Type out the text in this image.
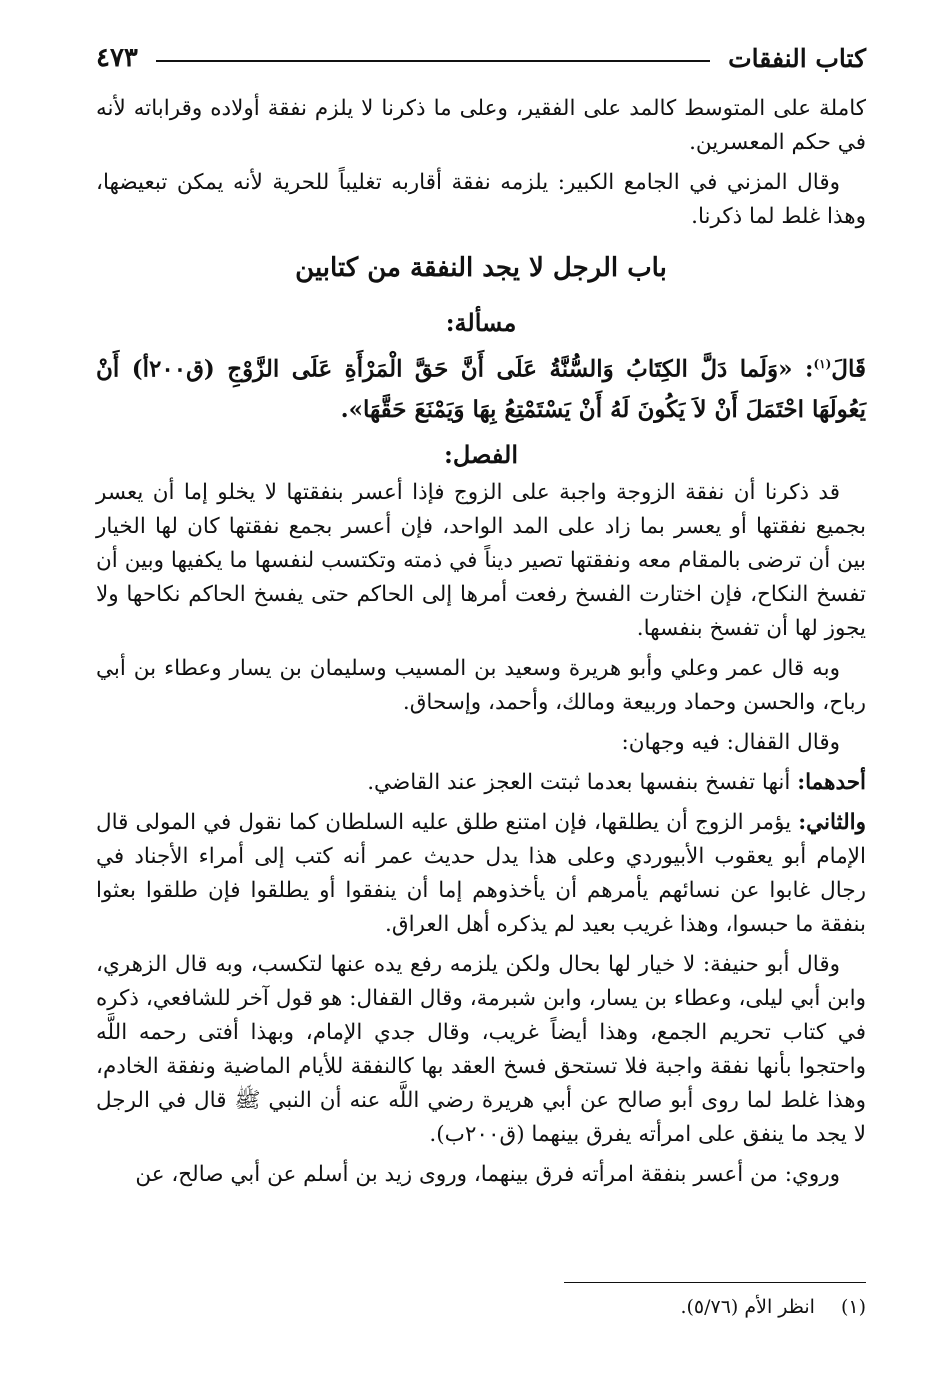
كتاب النفقات
٤٧٣

كاملة على المتوسط كالمد على الفقير، وعلى ما ذكرنا لا يلزم نفقة أولاده وقراباته لأنه في حكم المعسرين.

وقال المزني في الجامع الكبير: يلزمه نفقة أقاربه تغليباً للحرية لأنه يمكن تبعيضها، وهذا غلط لما ذكرنا.

باب الرجل لا يجد النفقة من كتابين
مسألة:

قَالَ$^{(١)}$: «وَلَما دَلَّ الكِتَابُ وَالسُّنَّةُ عَلَى أَنَّ حَقَّ الْمَرْأَةِ عَلَى الزَّوْجِ (ق٢٠٠أ) أَنْ يَعُولَهَا احْتَمَلَ أَنْ لاَ يَكُونَ لَهُ أَنْ يَسْتَمْتِعُ بِهَا وَيَمْنَعَ حَقَّهَا».

الفصل:

قد ذكرنا أن نفقة الزوجة واجبة على الزوج فإذا أعسر بنفقتها لا يخلو إما أن يعسر بجميع نفقتها أو يعسر بما زاد على المد الواحد، فإن أعسر بجمع نفقتها كان لها الخيار بين أن ترضى بالمقام معه ونفقتها تصير ديناً في ذمته وتكتسب لنفسها ما يكفيها وبين أن تفسخ النكاح، فإن اختارت الفسخ رفعت أمرها إلى الحاكم حتى يفسخ الحاكم نكاحها ولا يجوز لها أن تفسخ بنفسها.

وبه قال عمر وعلي وأبو هريرة وسعيد بن المسيب وسليمان بن يسار وعطاء بن أبي رباح، والحسن وحماد وربيعة ومالك، وأحمد، وإسحاق.

وقال القفال: فيه وجهان:

أحدهما: أنها تفسخ بنفسها بعدما ثبتت العجز عند القاضي.

والثاني: يؤمر الزوج أن يطلقها، فإن امتنع طلق عليه السلطان كما نقول في المولى قال الإمام أبو يعقوب الأبيوردي وعلى هذا يدل حديث عمر أنه كتب إلى أمراء الأجناد في رجال غابوا عن نسائهم يأمرهم أن يأخذوهم إما أن ينفقوا أو يطلقوا فإن طلقوا بعثوا بنفقة ما حبسوا، وهذا غريب بعيد لم يذكره أهل العراق.

وقال أبو حنيفة: لا خيار لها بحال ولكن يلزمه رفع يده عنها لتكسب، وبه قال الزهري، وابن أبي ليلى، وعطاء بن يسار، وابن شبرمة، وقال القفال: هو قول آخر للشافعي، ذكره في كتاب تحريم الجمع، وهذا أيضاً غريب، وقال جدي الإمام، وبهذا أفتى رحمه اللَّه واحتجوا بأنها نفقة واجبة فلا تستحق فسخ العقد بها كالنفقة للأيام الماضية ونفقة الخادم، وهذا غلط لما روى أبو صالح عن أبي هريرة رضي اللَّه عنه أن النبي ﷺ قال في الرجل لا يجد ما ينفق على امرأته يفرق بينهما (ق٢٠٠ب).

وروي: من أعسر بنفقة امرأته فرق بينهما، وروى زيد بن أسلم عن أبي صالح، عن

(١)انظر الأم (٥/٧٦).
